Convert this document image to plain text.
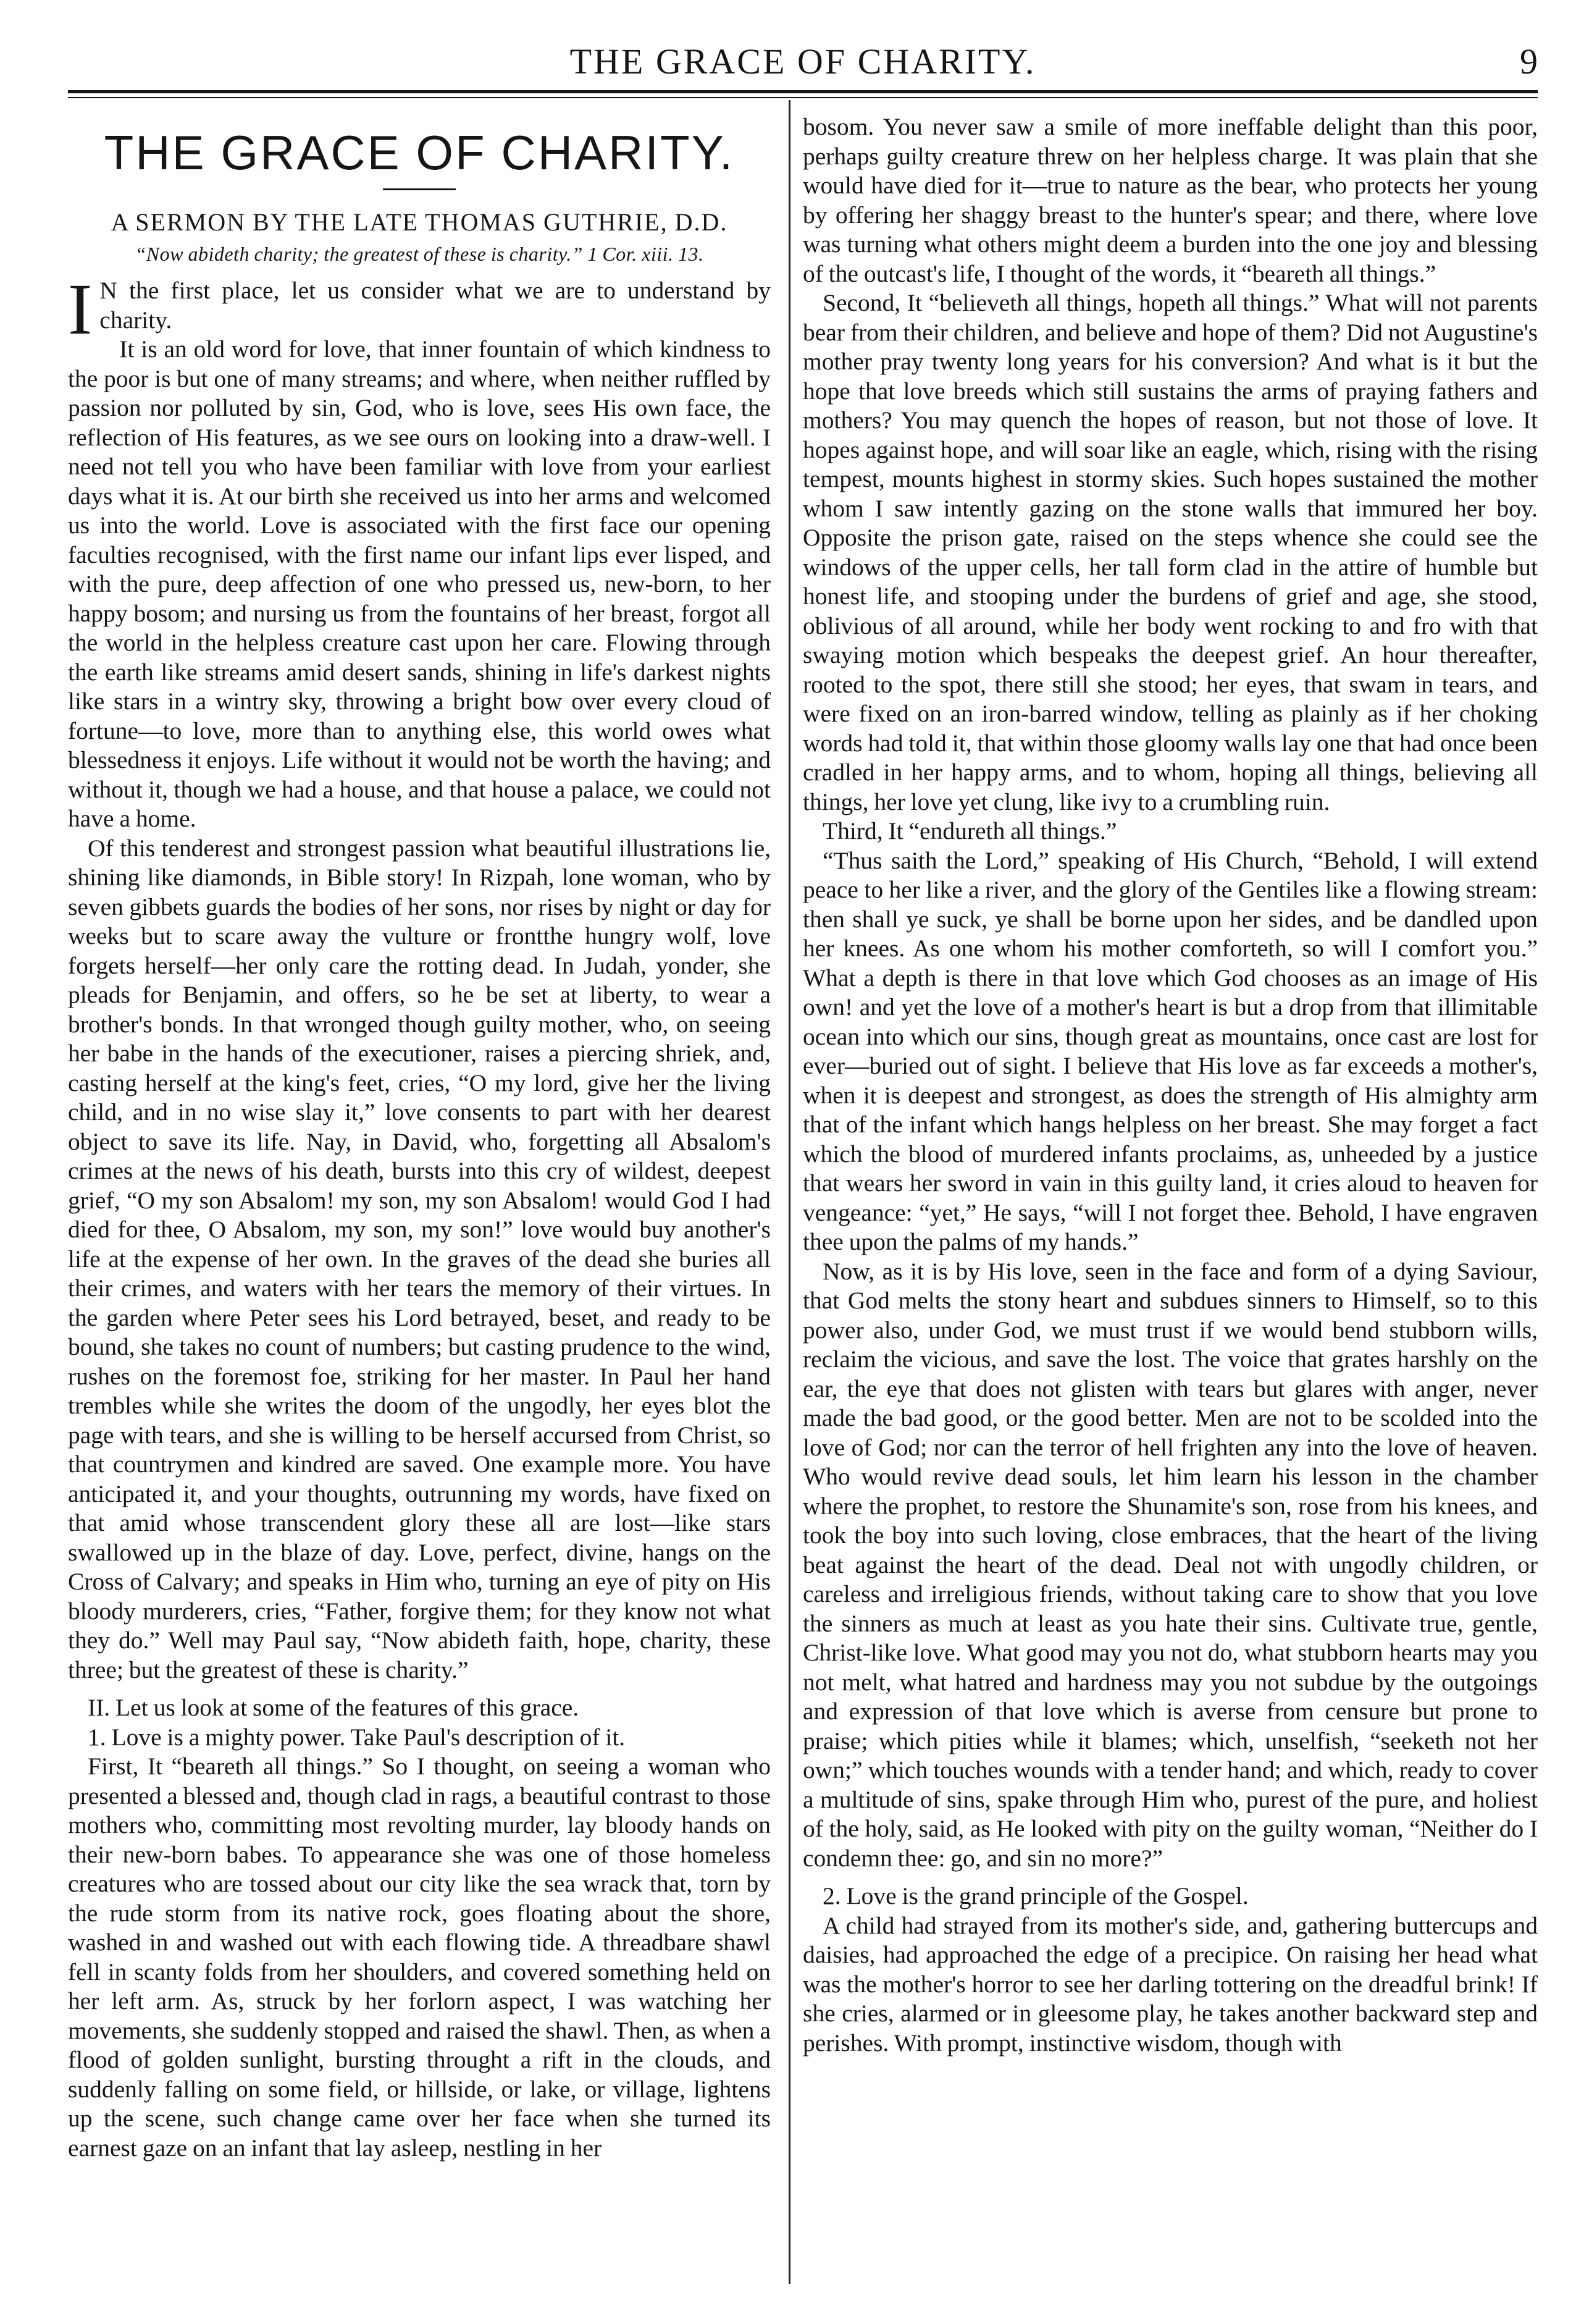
THE GRACE OF CHARITY.	9
THE GRACE OF CHARITY.
A SERMON BY THE LATE THOMAS GUTHRIE, D.D.
“Now abideth charity; the greatest of these is charity.” 1 Cor. xiii. 13.

I N the first place, let us consider what we are to understand by charity.

It is an old word for love, that inner fountain of which kindness to the poor is but one of many streams; and where, when neither ruffled by passion nor polluted by sin, God, who is love, sees His own face, the reflection of His features, as we see ours on looking into a draw-well. I need not tell you who have been familiar with love from your earliest days what it is. At our birth she received us into her arms and welcomed us into the world. Love is associated with the first face our opening faculties recognised, with the first name our infant lips ever lisped, and with the pure, deep affection of one who pressed us, new-born, to her happy bosom; and nursing us from the fountains of her breast, forgot all the world in the helpless creature cast upon her care. Flowing through the earth like streams amid desert sands, shining in life's darkest nights like stars in a wintry sky, throwing a bright bow over every cloud of fortune—to love, more than to anything else, this world owes what blessedness it enjoys. Life without it would not be worth the having; and without it, though we had a house, and that house a palace, we could not have a home.

Of this tenderest and strongest passion what beautiful illustrations lie, shining like diamonds, in Bible story! In Rizpah, lone woman, who by seven gibbets guards the bodies of her sons, nor rises by night or day for weeks but to scare away the vulture or frontthe hungry wolf, love forgets herself—her only care the rotting dead. In Judah, yonder, she pleads for Benjamin, and offers, so he be set at liberty, to wear a brother's bonds. In that wronged though guilty mother, who, on seeing her babe in the hands of the executioner, raises a piercing shriek, and, casting herself at the king's feet, cries, “O my lord, give her the living child, and in no wise slay it,” love consents to part with her dearest object to save its life. Nay, in David, who, forgetting all Absalom's crimes at the news of his death, bursts into this cry of wildest, deepest grief, “O my son Absalom! my son, my son Absalom! would God I had died for thee, O Absalom, my son, my son!” love would buy another's life at the expense of her own. In the graves of the dead she buries all their crimes, and waters with her tears the memory of their virtues. In the garden where Peter sees his Lord betrayed, beset, and ready to be bound, she takes no count of numbers; but casting prudence to the wind, rushes on the foremost foe, striking for her master. In Paul her hand trembles while she writes the doom of the ungodly, her eyes blot the page with tears, and she is willing to be herself accursed from Christ, so that countrymen and kindred are saved. One example more. You have anticipated it, and your thoughts, outrunning my words, have fixed on that amid whose transcendent glory these all are lost—like stars swallowed up in the blaze of day. Love, perfect, divine, hangs on the Cross of Calvary; and speaks in Him who, turning an eye of pity on His bloody murderers, cries, “Father, forgive them; for they know not what they do.” Well may Paul say, “Now abideth faith, hope, charity, these three; but the greatest of these is charity.”

II. Let us look at some of the features of this grace.

1. Love is a mighty power. Take Paul's description of it.

First, It “beareth all things.” So I thought, on seeing a woman who presented a blessed and, though clad in rags, a beautiful contrast to those mothers who, committing most revolting murder, lay bloody hands on their new-born babes. To appearance she was one of those homeless creatures who are tossed about our city like the sea wrack that, torn by the rude storm from its native rock, goes floating about the shore, washed in and washed out with each flowing tide. A threadbare shawl fell in scanty folds from her shoulders, and covered something held on her left arm. As, struck by her forlorn aspect, I was watching her movements, she suddenly stopped and raised the shawl. Then, as when a flood of golden sunlight, bursting throught a rift in the clouds, and suddenly falling on some field, or hillside, or lake, or village, lightens up the scene, such change came over her face when she turned its earnest gaze on an infant that lay asleep, nestling in her

bosom. You never saw a smile of more ineffable delight than this poor, perhaps guilty creature threw on her helpless charge. It was plain that she would have died for it—true to nature as the bear, who protects her young by offering her shaggy breast to the hunter's spear; and there, where love was turning what others might deem a burden into the one joy and blessing of the outcast's life, I thought of the words, it “beareth all things.”

Second, It “believeth all things, hopeth all things.” What will not parents bear from their children, and believe and hope of them? Did not Augustine's mother pray twenty long years for his conversion? And what is it but the hope that love breeds which still sustains the arms of praying fathers and mothers? You may quench the hopes of reason, but not those of love. It hopes against hope, and will soar like an eagle, which, rising with the rising tempest, mounts highest in stormy skies. Such hopes sustained the mother whom I saw intently gazing on the stone walls that immured her boy. Opposite the prison gate, raised on the steps whence she could see the windows of the upper cells, her tall form clad in the attire of humble but honest life, and stooping under the burdens of grief and age, she stood, oblivious of all around, while her body went rocking to and fro with that swaying motion which bespeaks the deepest grief. An hour thereafter, rooted to the spot, there still she stood; her eyes, that swam in tears, and were fixed on an iron-barred window, telling as plainly as if her choking words had told it, that within those gloomy walls lay one that had once been cradled in her happy arms, and to whom, hoping all things, believing all things, her love yet clung, like ivy to a crumbling ruin.

Third, It “endureth all things.”

“Thus saith the Lord,” speaking of His Church, “Behold, I will extend peace to her like a river, and the glory of the Gentiles like a flowing stream: then shall ye suck, ye shall be borne upon her sides, and be dandled upon her knees. As one whom his mother comforteth, so will I comfort you.” What a depth is there in that love which God chooses as an image of His own! and yet the love of a mother's heart is but a drop from that illimitable ocean into which our sins, though great as mountains, once cast are lost for ever—buried out of sight. I believe that His love as far exceeds a mother's, when it is deepest and strongest, as does the strength of His almighty arm that of the infant which hangs helpless on her breast. She may forget a fact which the blood of murdered infants proclaims, as, unheeded by a justice that wears her sword in vain in this guilty land, it cries aloud to heaven for vengeance: “yet,” He says, “will I not forget thee. Behold, I have engraven thee upon the palms of my hands.”

Now, as it is by His love, seen in the face and form of a dying Saviour, that God melts the stony heart and subdues sinners to Himself, so to this power also, under God, we must trust if we would bend stubborn wills, reclaim the vicious, and save the lost. The voice that grates harshly on the ear, the eye that does not glisten with tears but glares with anger, never made the bad good, or the good better. Men are not to be scolded into the love of God; nor can the terror of hell frighten any into the love of heaven. Who would revive dead souls, let him learn his lesson in the chamber where the prophet, to restore the Shunamite's son, rose from his knees, and took the boy into such loving, close embraces, that the heart of the living beat against the heart of the dead. Deal not with ungodly children, or careless and irreligious friends, without taking care to show that you love the sinners as much at least as you hate their sins. Cultivate true, gentle, Christ-like love. What good may you not do, what stubborn hearts may you not melt, what hatred and hardness may you not subdue by the outgoings and expression of that love which is averse from censure but prone to praise; which pities while it blames; which, unselfish, “seeketh not her own;” which touches wounds with a tender hand; and which, ready to cover a multitude of sins, spake through Him who, purest of the pure, and holiest of the holy, said, as He looked with pity on the guilty woman, “Neither do I condemn thee: go, and sin no more?”

2. Love is the grand principle of the Gospel.

A child had strayed from its mother's side, and, gathering buttercups and daisies, had approached the edge of a precipice. On raising her head what was the mother's horror to see her darling tottering on the dreadful brink! If she cries, alarmed or in gleesome play, he takes another backward step and perishes. With prompt, instinctive wisdom, though with
